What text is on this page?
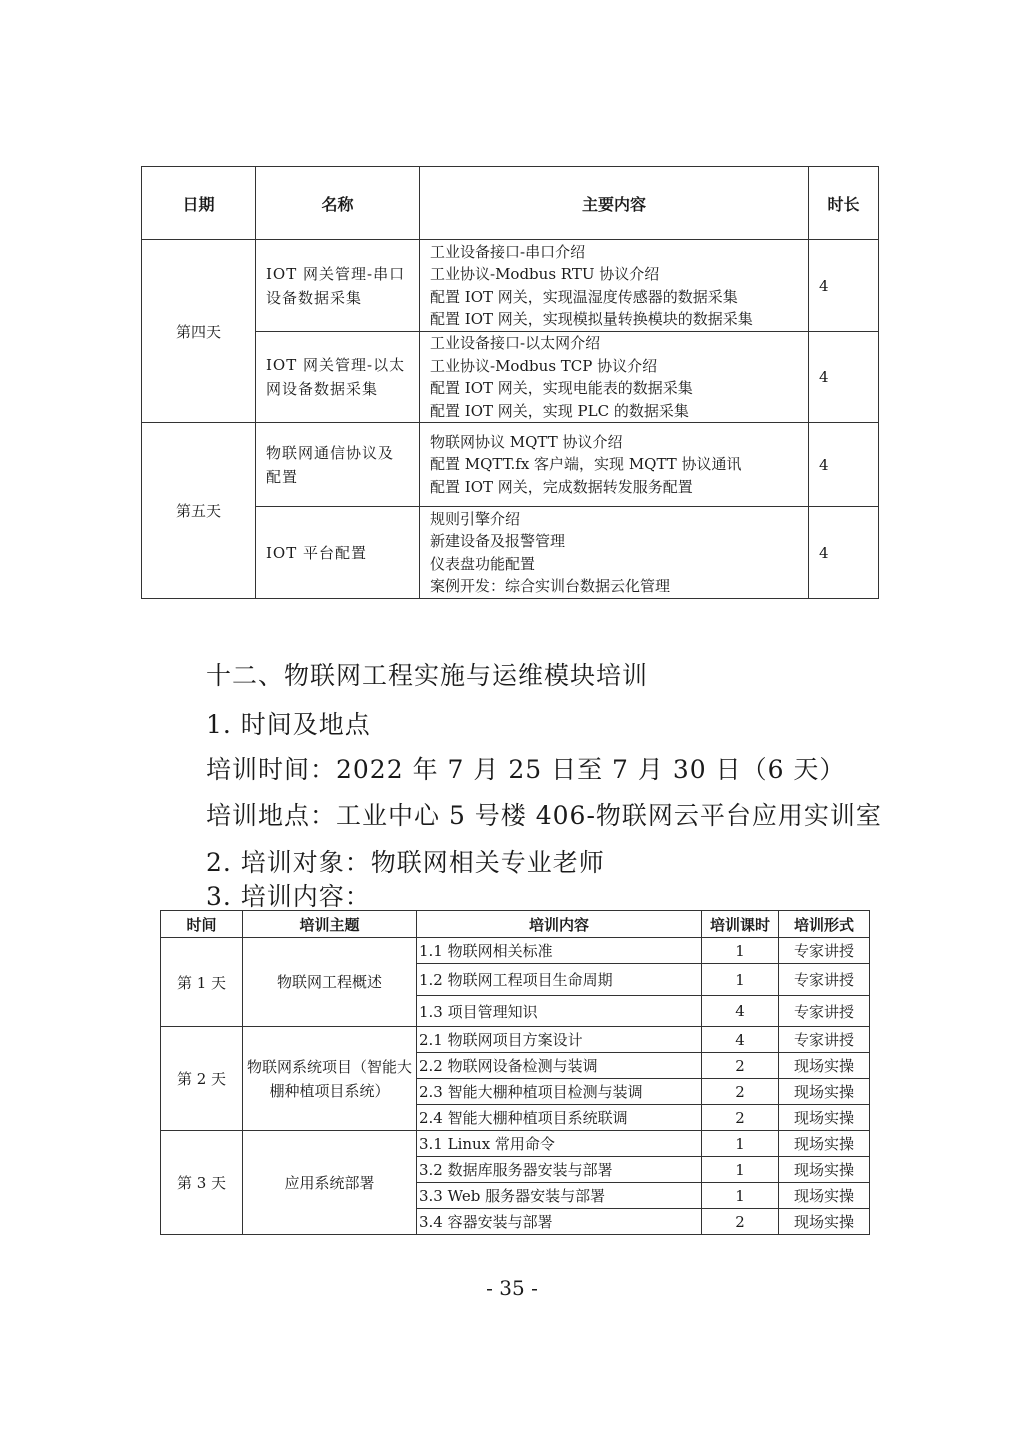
日期	名称	主要内容	时长
第四天	IOT 网关管理-串口设备数据采集	工业设备接口-串口介绍
工业协议-Modbus RTU 协议介绍
配置 IOT 网关，实现温湿度传感器的数据采集
配置 IOT 网关，实现模拟量转换模块的数据采集	4
	IOT 网关管理-以太网设备数据采集	工业设备接口-以太网介绍
工业协议-Modbus TCP 协议介绍
配置 IOT 网关，实现电能表的数据采集
配置 IOT 网关，实现 PLC 的数据采集	4
第五天	物联网通信协议及配置	物联网协议 MQTT 协议介绍
配置 MQTT.fx 客户端，实现 MQTT 协议通讯
配置 IOT 网关，完成数据转发服务配置	4
	IOT 平台配置	规则引擎介绍
新建设备及报警管理
仪表盘功能配置
案例开发：综合实训台数据云化管理	4
十二、物联网工程实施与运维模块培训
1. 时间及地点
培训时间：2022 年 7 月 25 日至 7 月 30 日（6 天）
培训地点：工业中心 5 号楼 406-物联网云平台应用实训室
2. 培训对象：物联网相关专业老师
3. 培训内容：
时间	培训主题	培训内容	培训课时	培训形式
第 1 天	物联网工程概述	1.1 物联网相关标准	1	专家讲授
		1.2 物联网工程项目生命周期	1	专家讲授
		1.3 项目管理知识	4	专家讲授
第 2 天	物联网系统项目（智能大棚种植项目系统）	2.1 物联网项目方案设计	4	专家讲授
		2.2 物联网设备检测与装调	2	现场实操
		2.3 智能大棚种植项目检测与装调	2	现场实操
		2.4 智能大棚种植项目系统联调	2	现场实操
第 3 天	应用系统部署	3.1 Linux 常用命令	1	现场实操
		3.2 数据库服务器安装与部署	1	现场实操
		3.3 Web 服务器安装与部署	1	现场实操
		3.4 容器安装与部署	2	现场实操
- 35 -
